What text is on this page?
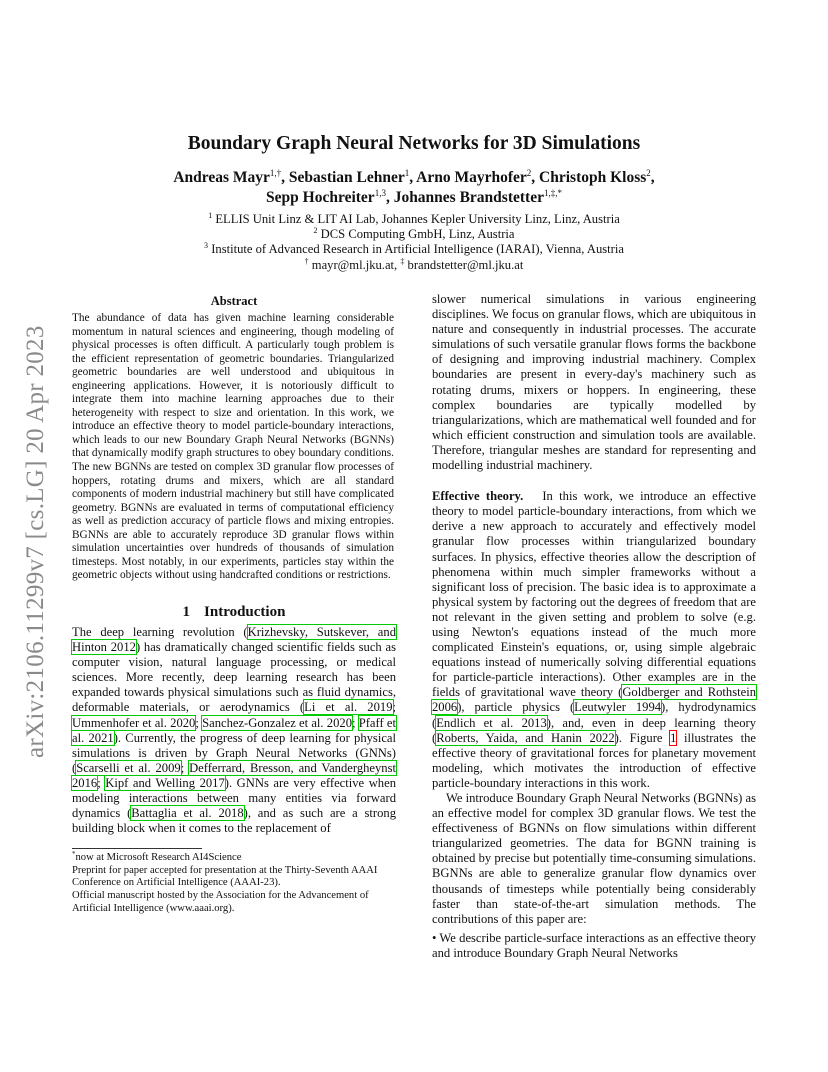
arXiv:2106.11299v7 [cs.LG] 20 Apr 2023
Boundary Graph Neural Networks for 3D Simulations
Andreas Mayr$^{1,\dagger}$, Sebastian Lehner$^1$, Arno Mayrhofer$^2$, Christoph Kloss$^2$,
Sepp Hochreiter$^{1,3}$, Johannes Brandstetter$^{1,\ddagger,*}$
$^1$ ELLIS Unit Linz & LIT AI Lab, Johannes Kepler University Linz, Linz, Austria
$^2$ DCS Computing GmbH, Linz, Austria
$^3$ Institute of Advanced Research in Artificial Intelligence (IARAI), Vienna, Austria
† mayr@ml.jku.at, ‡ brandstetter@ml.jku.at
Abstract

The abundance of data has given machine learning considerable momentum in natural sciences and engineering, though modeling of physical processes is often difficult. A particularly tough problem is the efficient representation of geometric boundaries. Triangularized geometric boundaries are well understood and ubiquitous in engineering applications. However, it is notoriously difficult to integrate them into machine learning approaches due to their heterogeneity with respect to size and orientation. In this work, we introduce an effective theory to model particle-boundary interactions, which leads to our new Boundary Graph Neural Networks (BGNNs) that dynamically modify graph structures to obey boundary conditions. The new BGNNs are tested on complex 3D granular flow processes of hoppers, rotating drums and mixers, which are all standard components of modern industrial machinery but still have complicated geometry. BGNNs are evaluated in terms of computational efficiency as well as prediction accuracy of particle flows and mixing entropies. BGNNs are able to accurately reproduce 3D granular flows within simulation uncertainties over hundreds of thousands of simulation timesteps. Most notably, in our experiments, particles stay within the geometric objects without using handcrafted conditions or restrictions.

1 Introduction

The deep learning revolution (Krizhevsky, Sutskever, and Hinton 2012) has dramatically changed scientific fields such as computer vision, natural language processing, or medical sciences. More recently, deep learning research has been expanded towards physical simulations such as fluid dynamics, deformable materials, or aerodynamics (Li et al. 2019; Ummenhofer et al. 2020; Sanchez-Gonzalez et al. 2020; Pfaff et al. 2021). Currently, the progress of deep learning for physical simulations is driven by Graph Neural Networks (GNNs) (Scarselli et al. 2009; Defferrard, Bresson, and Vandergheynst 2016; Kipf and Welling 2017). GNNs are very effective when modeling interactions between many entities via forward dynamics (Battaglia et al. 2018), and as such are a strong building block when it comes to the replacement of

*now at Microsoft Research AI4Science

Preprint for paper accepted for presentation at the Thirty-Seventh AAAI Conference on Artificial Intelligence (AAAI-23).

Official manuscript hosted by the Association for the Advancement of Artificial Intelligence (www.aaai.org).

slower numerical simulations in various engineering disciplines. We focus on granular flows, which are ubiquitous in nature and consequently in industrial processes. The accurate simulations of such versatile granular flows forms the backbone of designing and improving industrial machinery. Complex boundaries are present in every-day's machinery such as rotating drums, mixers or hoppers. In engineering, these complex boundaries are typically modelled by triangularizations, which are mathematical well founded and for which efficient construction and simulation tools are available. Therefore, triangular meshes are standard for representing and modelling industrial machinery.

Effective theory. In this work, we introduce an effective theory to model particle-boundary interactions, from which we derive a new approach to accurately and effectively model granular flow processes within triangularized boundary surfaces. In physics, effective theories allow the description of phenomena within much simpler frameworks without a significant loss of precision. The basic idea is to approximate a physical system by factoring out the degrees of freedom that are not relevant in the given setting and problem to solve (e.g. using Newton's equations instead of the much more complicated Einstein's equations, or, using simple algebraic equations instead of numerically solving differential equations for particle-particle interactions). Other examples are in the fields of gravitational wave theory (Goldberger and Rothstein 2006), particle physics (Leutwyler 1994), hydrodynamics (Endlich et al. 2013), and, even in deep learning theory (Roberts, Yaida, and Hanin 2022). Figure 1 illustrates the effective theory of gravitational forces for planetary movement modeling, which motivates the introduction of effective particle-boundary interactions in this work.

We introduce Boundary Graph Neural Networks (BGNNs) as an effective model for complex 3D granular flows. We test the effectiveness of BGNNs on flow simulations within different triangularized geometries. The data for BGNN training is obtained by precise but potentially time-consuming simulations. BGNNs are able to generalize granular flow dynamics over thousands of timesteps while potentially being considerably faster than state-of-the-art simulation methods. The contributions of this paper are:

• We describe particle-surface interactions as an effective theory and introduce Boundary Graph Neural Networks
